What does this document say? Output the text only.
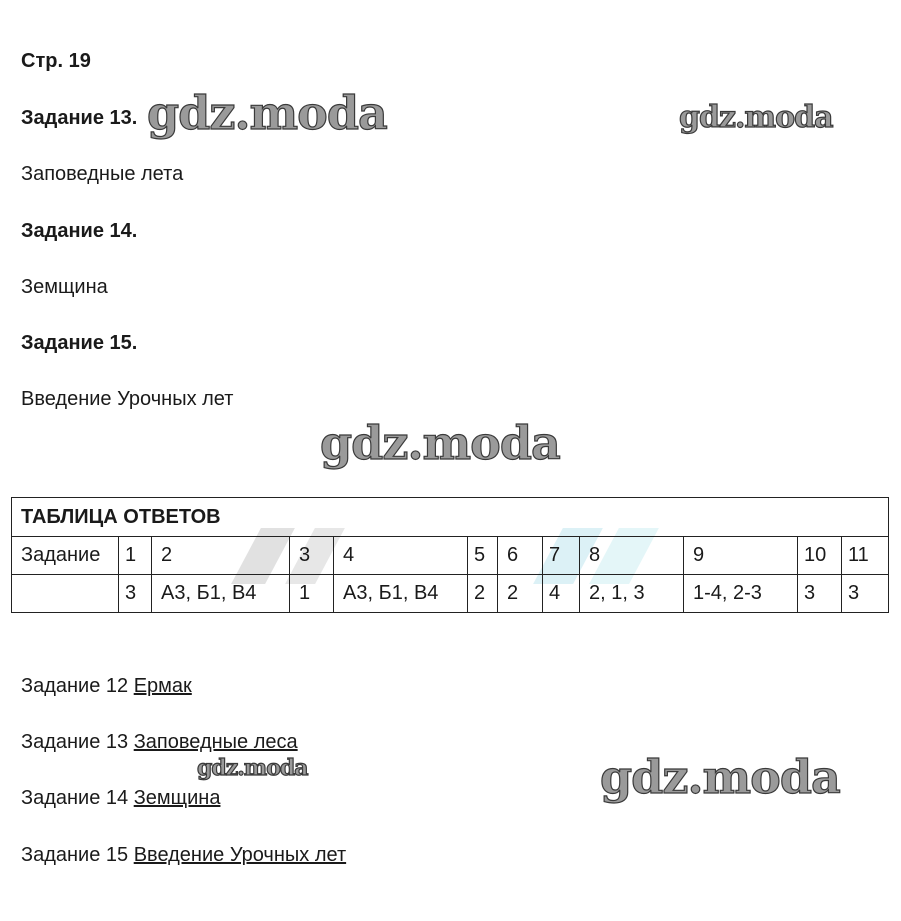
Стр. 19
Задание 13.
Заповедные лета
Задание 14.
Земщина
Задание 15.
Введение Урочных лет
gdz.moda	gdz.moda
gdz.moda
gdz.moda	gdz.moda
ТАБЛИЦА ОТВЕТОВ											
Задание	1	2	3	4	5	6	7	8	9	10	11
	3	А3, Б1, В4	1	А3, Б1, В4	2	2	4	2, 1, 3	1-4, 2-3	3	3
Задание 12 Ермак
Задание 13 Заповедные леса
Задание 14 Земщина
Задание 15 Введение Урочных лет
